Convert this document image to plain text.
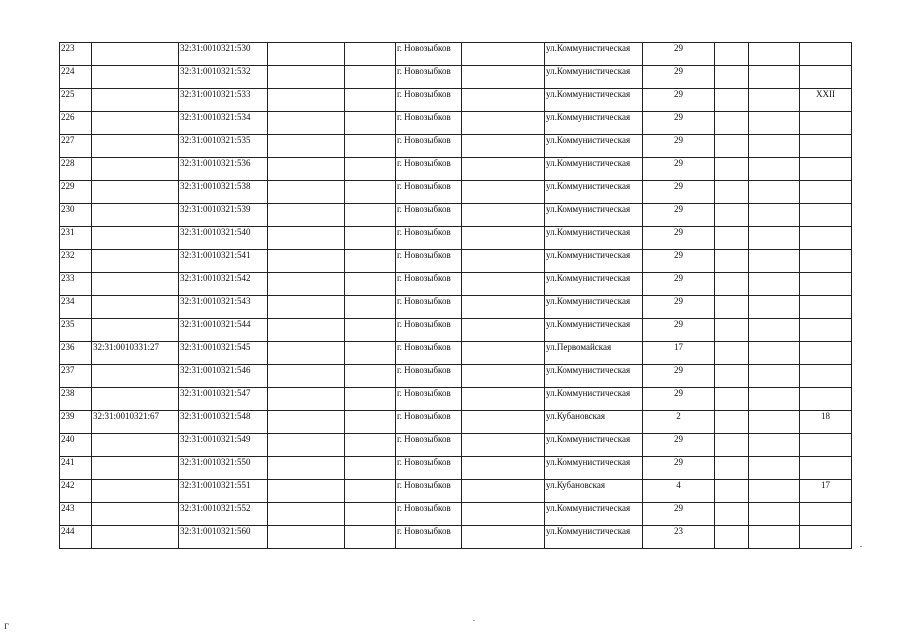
223		32:31:0010321:530			г. Новозыбков		ул.Коммунистическая	29			
224		32:31:0010321:532			г. Новозыбков		ул.Коммунистическая	29			
225		32:31:0010321:533			г. Новозыбков		ул.Коммунистическая	29			XXII
226		32:31:0010321:534			г. Новозыбков		ул.Коммунистическая	29			
227		32:31:0010321:535			г. Новозыбков		ул.Коммунистическая	29			
228		32:31:0010321:536			г. Новозыбков		ул.Коммунистическая	29			
229		32:31:0010321:538			г. Новозыбков		ул.Коммунистическая	29			
230		32:31:0010321:539			г. Новозыбков		ул.Коммунистическая	29			
231		32:31:0010321:540			г. Новозыбков		ул.Коммунистическая	29			
232		32:31:0010321:541			г. Новозыбков		ул.Коммунистическая	29			
233		32:31:0010321:542			г. Новозыбков		ул.Коммунистическая	29			
234		32:31:0010321:543			г. Новозыбков		ул.Коммунистическая	29			
235		32:31:0010321:544			г. Новозыбков		ул.Коммунистическая	29			
236	32:31:0010331:27	32:31:0010321:545			г. Новозыбков		ул.Первомайская	17			
237		32:31:0010321:546			г. Новозыбков		ул.Коммунистическая	29			
238		32:31:0010321:547			г. Новозыбков		ул.Коммунистическая	29			
239	32:31:0010321:67	32:31:0010321:548			г. Новозыбков		ул.Кубановская	2			18
240		32:31:0010321:549			г. Новозыбков		ул.Коммунистическая	29			
241		32:31:0010321:550			г. Новозыбков		ул.Коммунистическая	29			
242		32:31:0010321:551			г. Новозыбков		ул.Кубановская	4			17
243		32:31:0010321:552			г. Новозыбков		ул.Коммунистическая	29			
244		32:31:0010321:560			г. Новозыбков		ул.Коммунистическая	23			
г
